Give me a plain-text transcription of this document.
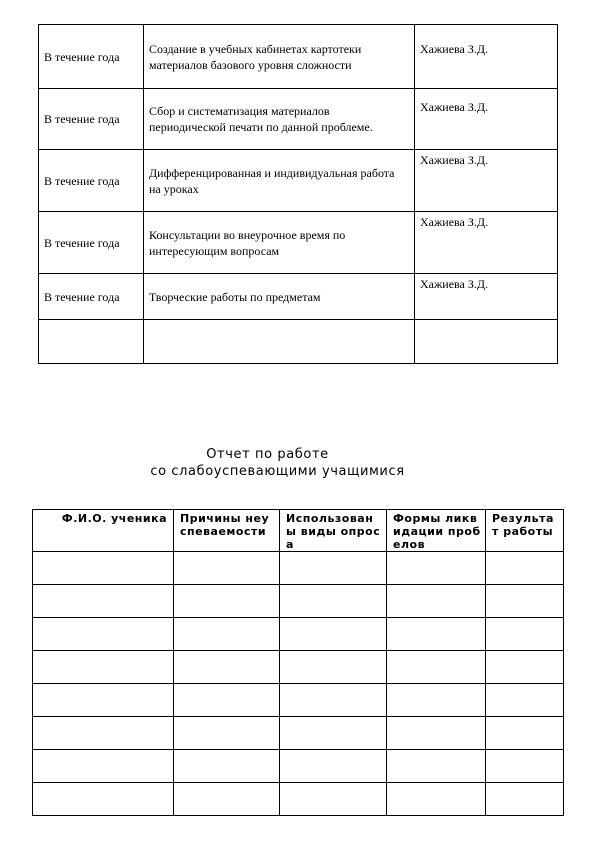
В течение года	Создание в учебных кабинетах картотеки материалов базового уровня сложности	Хажиева З.Д.
В течение года	Сбор и систематизация материалов периодической печати по данной проблеме.	Хажиева З.Д.
В течение года	Дифференцированная и индивидуальная работа на уроках	Хажиева З.Д.
В течение года	Консультации во внеурочное время по интересующим вопросам	Хажиева З.Д.
В течение года	Творческие работы по предметам	Хажиева З.Д.

Отчет по работе
со слабоуспевающими учащимися
Ф.И.О. ученика	Причины неуспеваемости	Использованы виды опроса	Формы ликвидации пробелов	Результат работы
